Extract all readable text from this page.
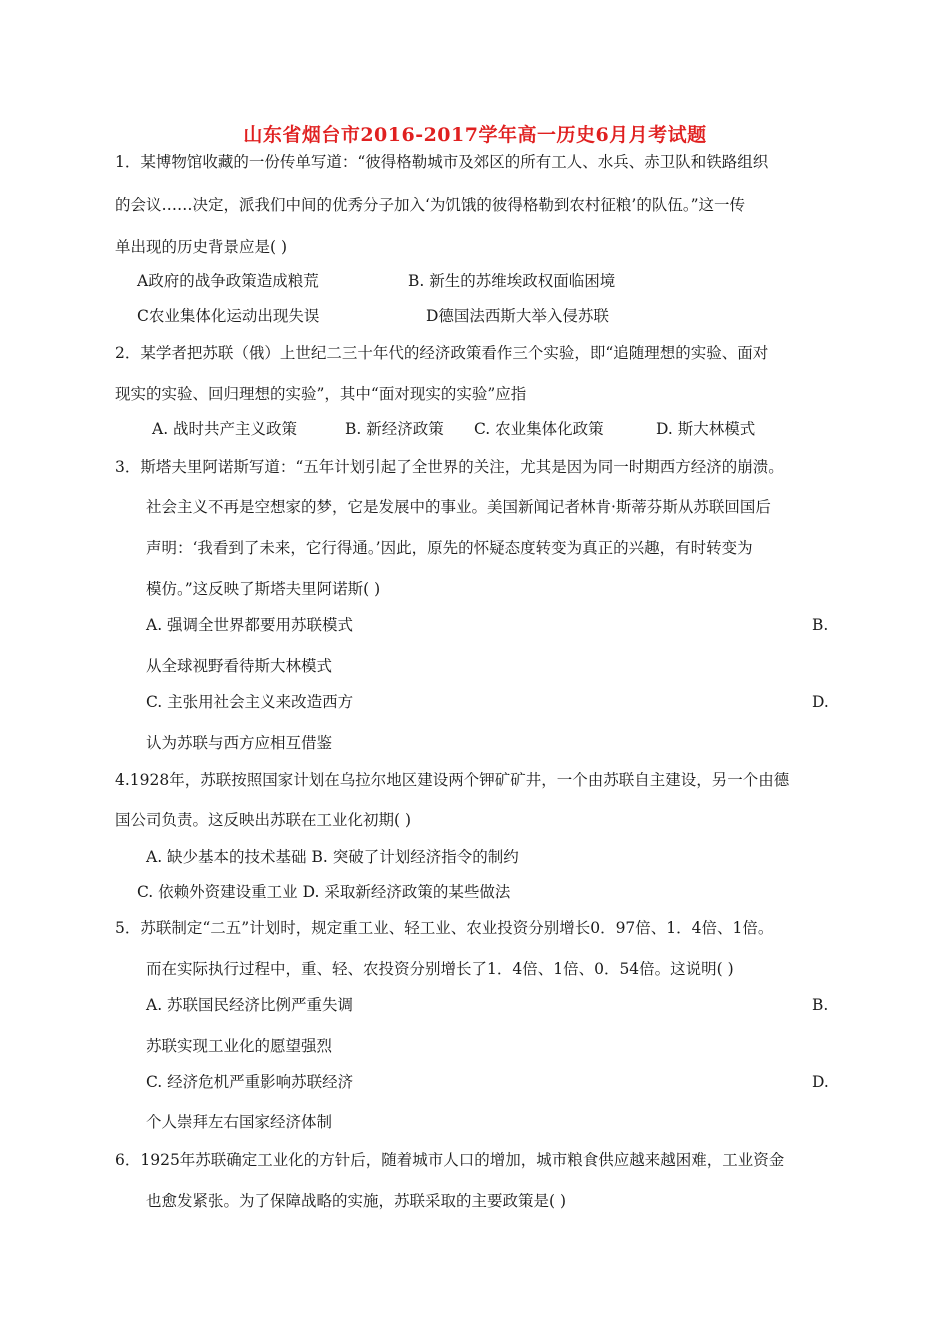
山东省烟台市2016-2017学年高一历史6月月考试题
1．某博物馆收藏的一份传单写道：“彼得格勒城市及郊区的所有工人、水兵、赤卫队和铁路组织
的会议……决定，派我们中间的优秀分子加入‘为饥饿的彼得格勒到农村征粮’的队伍。”这一传
单出现的历史背景应是( )
A政府的战争政策造成粮荒	B. 新生的苏维埃政权面临困境
C农业集体化运动出现失误	D德国法西斯大举入侵苏联
2．某学者把苏联（俄）上世纪二三十年代的经济政策看作三个实验，即“追随理想的实验、面对
现实的实验、回归理想的实验”，其中“面对现实的实验”应指
A. 战时共产主义政策	B. 新经济政策 C. 农业集体化政策	D. 斯大林模式
3．斯塔夫里阿诺斯写道：“五年计划引起了全世界的关注，尤其是因为同一时期西方经济的崩溃。
社会主义不再是空想家的梦，它是发展中的事业。美国新闻记者林肯·斯蒂芬斯从苏联回国后
声明：‘我看到了未来，它行得通。’因此，原先的怀疑态度转变为真正的兴趣，有时转变为
模仿。”这反映了斯塔夫里阿诺斯( )
A. 强调全世界都要用苏联模式	B.
从全球视野看待斯大林模式
C. 主张用社会主义来改造西方	D.
认为苏联与西方应相互借鉴
4.1928年，苏联按照国家计划在乌拉尔地区建设两个钾矿矿井，一个由苏联自主建设，另一个由德
国公司负责。这反映出苏联在工业化初期( )
A. 缺少基本的技术基础 B. 突破了计划经济指令的制约
C. 依赖外资建设重工业 D. 采取新经济政策的某些做法
5．苏联制定“二五”计划时，规定重工业、轻工业、农业投资分别增长0．97倍、1．4倍、1倍。
而在实际执行过程中，重、轻、农投资分别增长了1．4倍、1倍、0．54倍。这说明( )
A. 苏联国民经济比例严重失调	B.
苏联实现工业化的愿望强烈
C. 经济危机严重影响苏联经济	D.
个人崇拜左右国家经济体制
6．1925年苏联确定工业化的方针后，随着城市人口的增加，城市粮食供应越来越困难，工业资金
也愈发紧张。为了保障战略的实施，苏联采取的主要政策是( )
